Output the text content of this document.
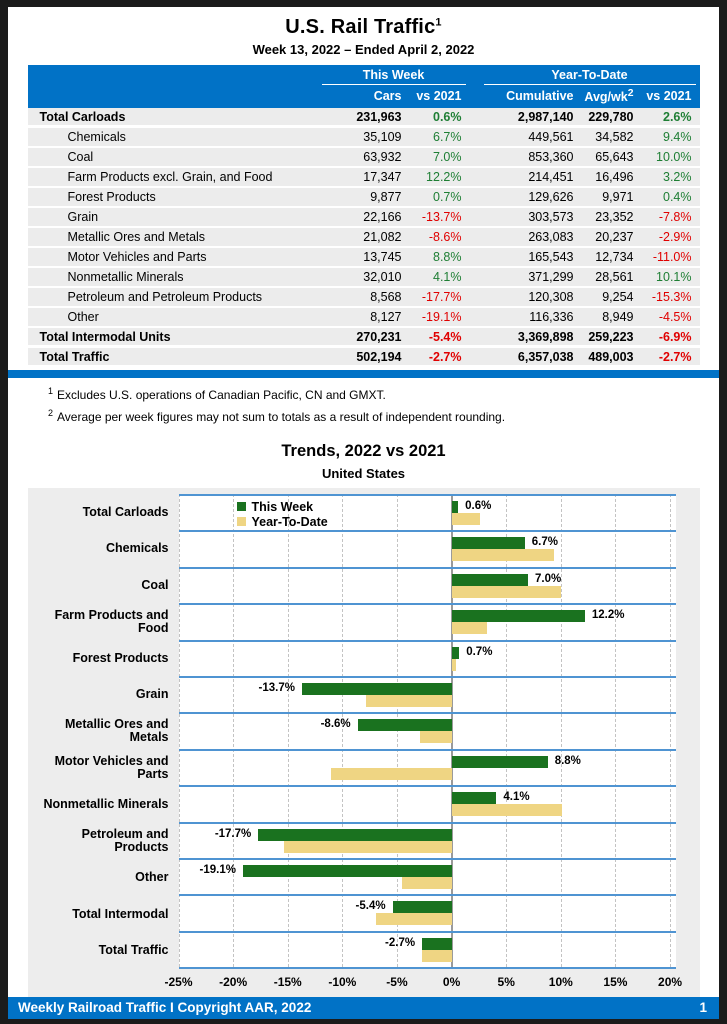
U.S. Rail Traffic$^1$
Week 13, 2022 – Ended April 2, 2022
This Week	Year-To-Date
Cars	vs 2021	Cumulative Avg/$wk^2$	vs 2021
Total Carloads	231,963	0.6%	2,987,140	229,780	2.6%
Chemicals	35,109	6.7%	449,561	34,582	9.4%
Coal	63,932	7.0%	853,360	65,643	10.0%
Farm Products excl. Grain, and Food	17,347	12.2%	214,451	16,496	3.2%
Forest Products	9,877	0.7%	129,626	9,971	0.4%
Grain	22,166	-13.7%	303,573	23,352	-7.8%
Metallic Ores and Metals	21,082	-8.6%	263,083	20,237	-2.9%
Motor Vehicles and Parts	13,745	8.8%	165,543	12,734	-11.0%
Nonmetallic Minerals	32,010	4.1%	371,299	28,561	10.1%
Petroleum and Petroleum Products	8,568	-17.7%	120,308	9,254	-15.3%
Other	8,127	-19.1%	116,336	8,949	-4.5%
Total Intermodal Units	270,231	-5.4%	3,369,898	259,223	-6.9%
Total Traffic	502,194	-2.7%	6,357,038	489,003	-2.7%
$^1$ Excludes U.S. operations of Canadian Pacific, CN and GMXT.
$^2$ Average per week figures may not sum to totals as a result of independent rounding.
Trends, 2022 vs 2021
United States
Total Carloads
Chemicals
Coal
Farm Products and Food
Forest Products
Grain
Metallic Ores and Metals
Motor Vehicles and Parts
Nonmetallic Minerals
Petroleum and Products
Other
Total Intermodal
Total Traffic
This Week
Year-To-Date
0.6%
6.7%
7.0%
12.2%
0.7%
-13.7%
-8.6%
8.8%
4.1%
-17.7%
-19.1%
-5.4%
-2.7%
-25% -20% -15% -10% -5%	0%	5%	10%	15%	20%
Weekly Railroad Traffic I Copyright AAR, 2022	1
